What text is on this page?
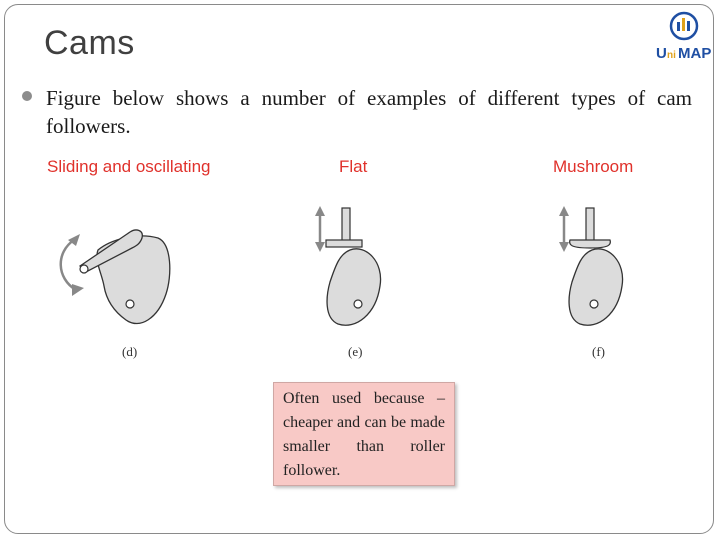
Cams	U ni MAP
Figure below shows a number of examples of different types of cam followers.
Sliding and oscillating	Flat	Mushroom
(d)	(e)	(f)
Often used because – cheaper and can be made smaller than roller follower.
